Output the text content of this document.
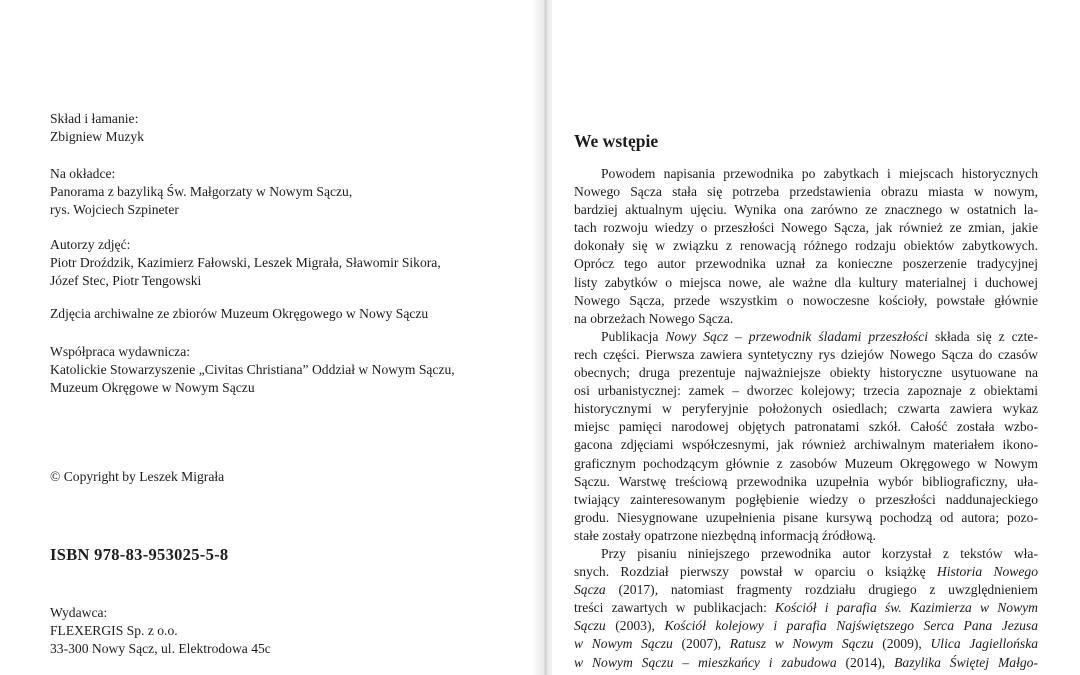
Skład i łamanie:
Zbigniew Muzyk
Na okładce:
Panorama z bazyliką Św. Małgorzaty w Nowym Sączu,
rys. Wojciech Szpineter
Autorzy zdjęć:
Piotr Droździk, Kazimierz Fałowski, Leszek Migrała, Sławomir Sikora,
Józef Stec, Piotr Tengowski
Zdjęcia archiwalne ze zbiorów Muzeum Okręgowego w Nowy Sączu
Współpraca wydawnicza:
Katolickie Stowarzyszenie „Civitas Christiana” Oddział w Nowym Sączu,
Muzeum Okręgowe w Nowym Sączu
© Copyright by Leszek Migrała
ISBN 978-83-953025-5-8
Wydawca:
FLEXERGIS Sp. z o.o.
33-300 Nowy Sącz, ul. Elektrodowa 45c
We wstępie
Powodem napisania przewodnika po zabytkach i miejscach historycznych
Nowego Sącza stała się potrzeba przedstawienia obrazu miasta w nowym,
bardziej aktualnym ujęciu. Wynika ona zarówno ze znacznego w ostatnich la-
tach rozwoju wiedzy o przeszłości Nowego Sącza, jak również ze zmian, jakie
dokonały się w związku z renowacją różnego rodzaju obiektów zabytkowych.
Oprócz tego autor przewodnika uznał za konieczne poszerzenie tradycyjnej
listy zabytków o miejsca nowe, ale ważne dla kultury materialnej i duchowej
Nowego Sącza, przede wszystkim o nowoczesne kościoły, powstałe głównie
na obrzeżach Nowego Sącza.
Publikacja Nowy Sącz – przewodnik śladami przeszłości składa się z czte-
rech części. Pierwsza zawiera syntetyczny rys dziejów Nowego Sącza do czasów
obecnych; druga prezentuje najważniejsze obiekty historyczne usytuowane na
osi urbanistycznej: zamek – dworzec kolejowy; trzecia zapoznaje z obiektami
historycznymi w peryferyjnie położonych osiedlach; czwarta zawiera wykaz
miejsc pamięci narodowej objętych patronatami szkół. Całość została wzbo-
gacona zdjęciami współczesnymi, jak również archiwalnym materiałem ikono-
graficznym pochodzącym głównie z zasobów Muzeum Okręgowego w Nowym
Sączu. Warstwę treściową przewodnika uzupełnia wybór bibliograficzny, uła-
twiający zainteresowanym pogłębienie wiedzy o przeszłości naddunajeckiego
grodu. Niesygnowane uzupełnienia pisane kursywą pochodzą od autora; pozo-
stałe zostały opatrzone niezbędną informacją źródłową.
Przy pisaniu niniejszego przewodnika autor korzystał z tekstów wła-
snych. Rozdział pierwszy powstał w oparciu o książkę Historia Nowego
Sącza (2017), natomiast fragmenty rozdziału drugiego z uwzględnieniem
treści zawartych w publikacjach: Kościół i parafia św. Kazimierza w Nowym
Sączu (2003), Kościół kolejowy i parafia Najświętszego Serca Pana Jezusa
w Nowym Sączu (2007), Ratusz w Nowym Sączu (2009), Ulica Jagiellońska
w Nowym Sączu – mieszkańcy i zabudowa (2014), Bazylika Świętej Małgo-
